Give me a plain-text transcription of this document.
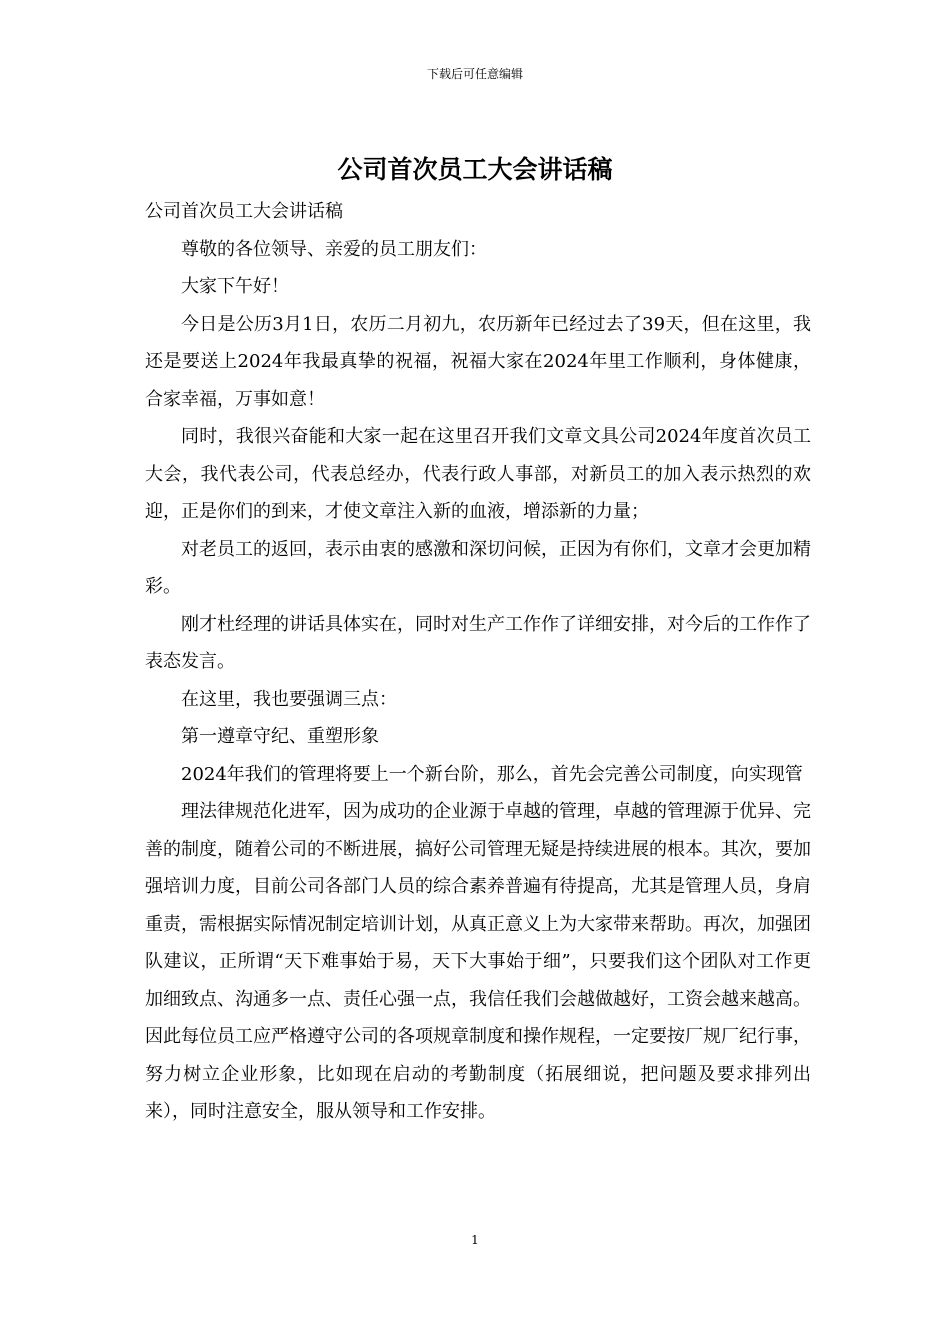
下载后可任意编辑
公司首次员工大会讲话稿

公司首次员工大会讲话稿

尊敬的各位领导、亲爱的员工朋友们：

大家下午好！

今日是公历3月1日，农历二月初九，农历新年已经过去了39天，但在这里，我还是要送上2024年我最真挚的祝福，祝福大家在2024年里工作顺利，身体健康，合家幸福，万事如意！

同时，我很兴奋能和大家一起在这里召开我们文章文具公司2024年度首次员工大会，我代表公司，代表总经办，代表行政人事部，对新员工的加入表示热烈的欢迎，正是你们的到来，才使文章注入新的血液，增添新的力量；

对老员工的返回，表示由衷的感激和深切问候，正因为有你们，文章才会更加精彩。

刚才杜经理的讲话具体实在，同时对生产工作作了详细安排，对今后的工作作了表态发言。

在这里，我也要强调三点：

第一遵章守纪、重塑形象

2024年我们的管理将要上一个新台阶，那么，首先会完善公司制度，向实现管

理法律规范化进军，因为成功的企业源于卓越的管理，卓越的管理源于优异、完善的制度，随着公司的不断进展，搞好公司管理无疑是持续进展的根本。其次，要加强培训力度，目前公司各部门人员的综合素养普遍有待提高，尤其是管理人员，身肩重责，需根据实际情况制定培训计划，从真正意义上为大家带来帮助。再次，加强团队建议，正所谓“天下难事始于易，天下大事始于细”，只要我们这个团队对工作更加细致点、沟通多一点、责任心强一点，我信任我们会越做越好，工资会越来越高。因此每位员工应严格遵守公司的各项规章制度和操作规程，一定要按厂规厂纪行事，努力树立企业形象，比如现在启动的考勤制度（拓展细说，把问题及要求排列出来），同时注意安全，服从领导和工作安排。

1
